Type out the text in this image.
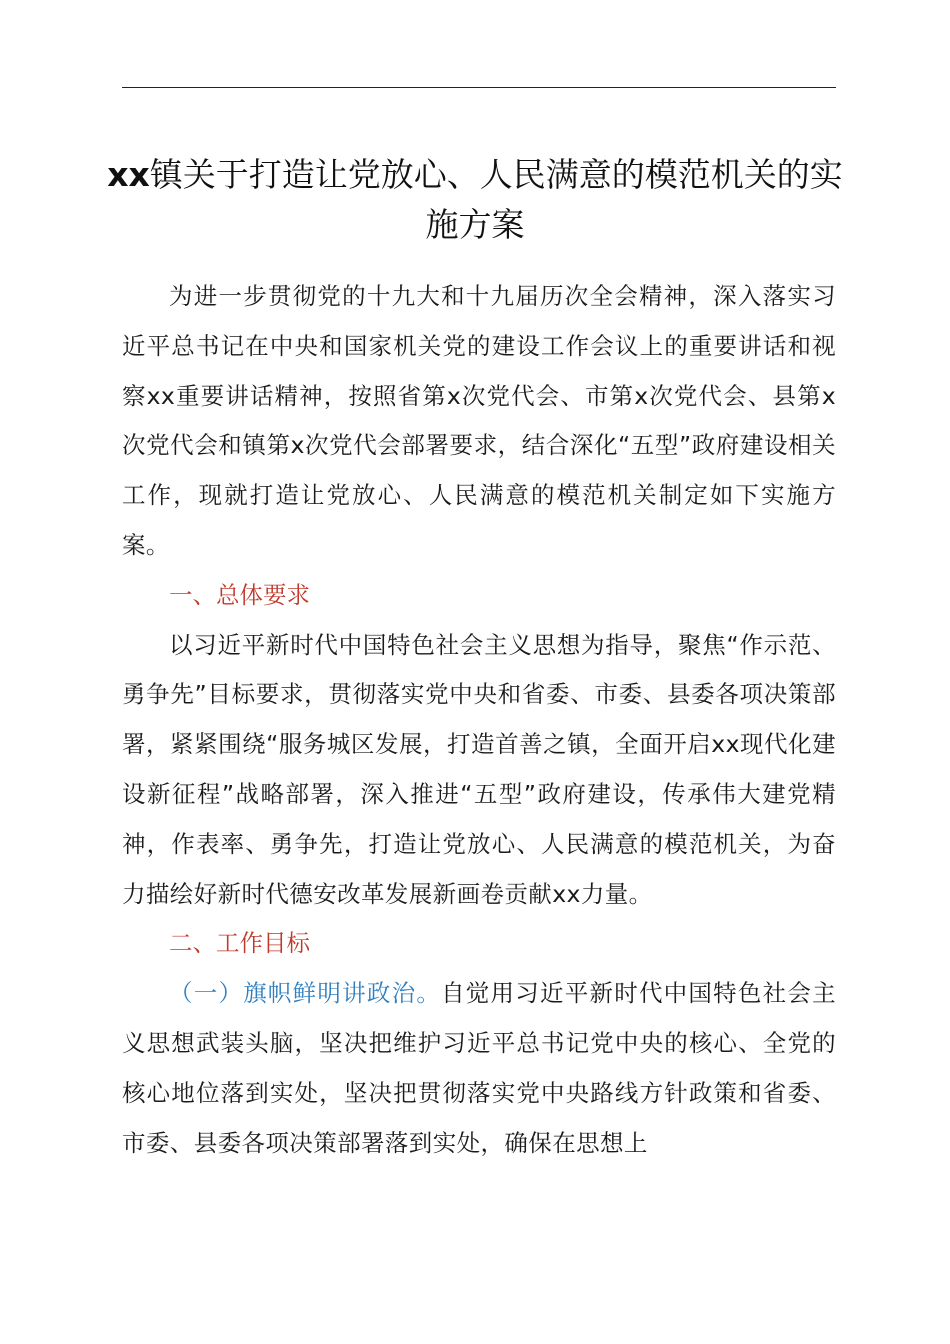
xx镇关于打造让党放心、人民满意的模范机关的实施方案

为进一步贯彻党的十九大和十九届历次全会精神，深入落实习近平总书记在中央和国家机关党的建设工作会议上的重要讲话和视察xx重要讲话精神，按照省第x次党代会、市第x次党代会、县第x次党代会和镇第x次党代会部署要求，结合深化“五型”政府建设相关工作，现就打造让党放心、人民满意的模范机关制定如下实施方案。

一、总体要求

以习近平新时代中国特色社会主义思想为指导，聚焦“作示范、勇争先”目标要求，贯彻落实党中央和省委、市委、县委各项决策部署，紧紧围绕“服务城区发展，打造首善之镇，全面开启xx现代化建设新征程”战略部署，深入推进“五型”政府建设，传承伟大建党精神，作表率、勇争先，打造让党放心、人民满意的模范机关，为奋力描绘好新时代德安改革发展新画卷贡献xx力量。

二、工作目标

（一）旗帜鲜明讲政治。自觉用习近平新时代中国特色社会主义思想武装头脑，坚决把维护习近平总书记党中央的核心、全党的核心地位落到实处，坚决把贯彻落实党中央路线方针政策和省委、市委、县委各项决策部署落到实处，确保在思想上
